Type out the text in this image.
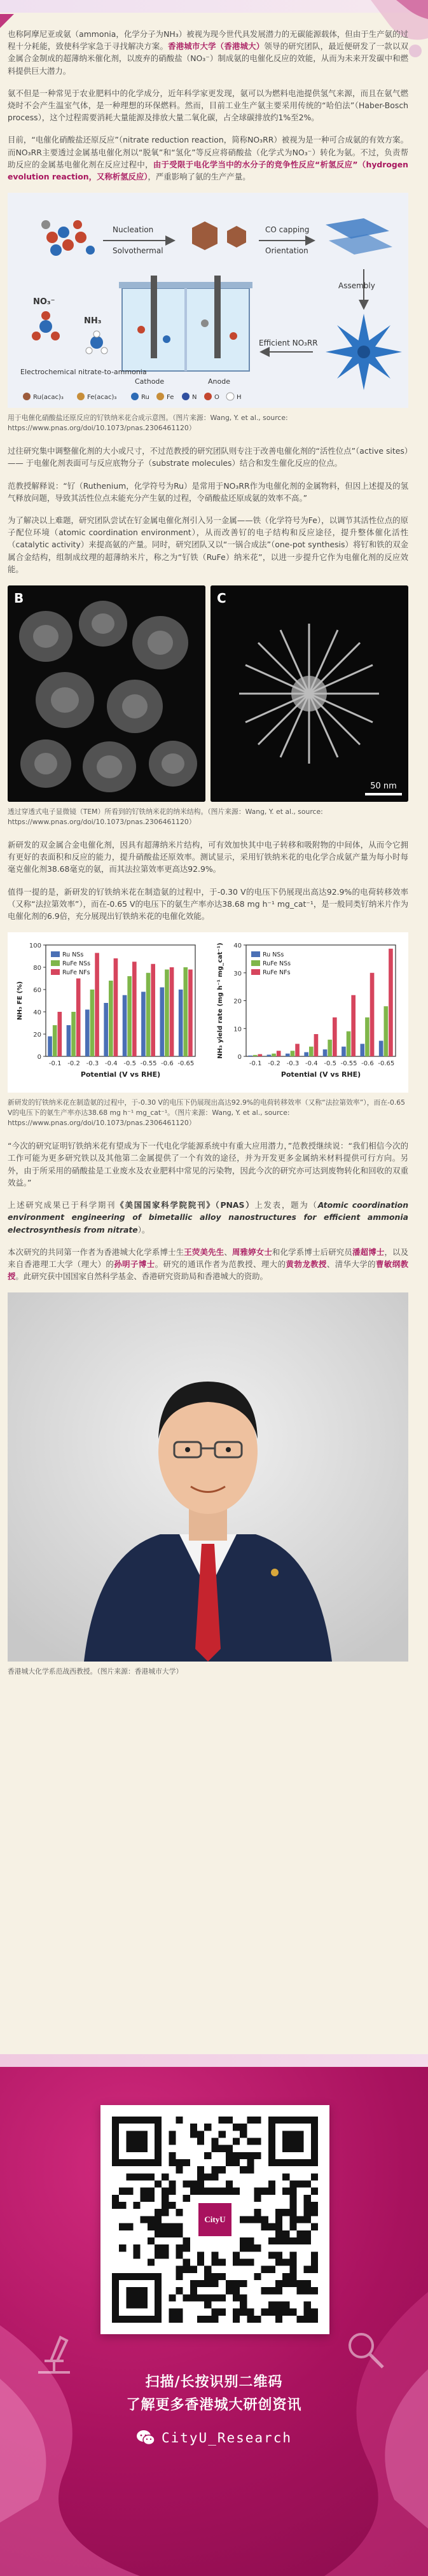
也称阿摩尼亚或氨（ammonia，化学分子为NH₃）被视为现今世代具发展潜力的无碳能源载体，但由于生产氨的过程十分耗能，致使科学家急于寻找解决方案。香港城市大学（香港城大）领导的研究团队，最近便研发了一款以双金属合金制成的超薄纳米催化剂，以废弃的硝酸盐（NO₃⁻）制成氨的电催化反应的效能，从而为未来开发碳中和燃料提供巨大潜力。

氨不但是一种常见于农业肥料中的化学成分，近年科学家更发现，氨可以为燃料电池提供氢气来源，而且在氨气燃烧时不会产生温室气体，是一种理想的环保燃料。然而，目前工业生产氨主要采用传统的“哈伯法”（Haber-Bosch process），这个过程需要消耗大量能源及排放大量二氧化碳，占全球碳排放约1%至2%。

目前，“电催化硝酸盐还原反应”（nitrate reduction reaction，简称NO₃RR）被视为是一种可合成氨的有效方案。而NO₃RR主要透过金属基电催化剂以“脱氧”和“氢化”等反应将硝酸盐（化学式为NO₃⁻）转化为氨。不过，负责帮助反应的金属基电催化剂在反应过程中，由于受限于电化学当中的水分子的竞争性反应“析氢反应”（hydrogen evolution reaction，又称析氢反应），严重影响了氨的生产产量。

Nucleation
Solvothermal
CO capping
Orientation
Assembly
Efficient NO₃RR
Cathode	Anode
NO₃⁻
NH₃
Electrochemical nitrate-to-ammonia
Ru(acac)₃	Fe(acac)₃	Ru	Fe	N	O	H

用于电催化硝酸盐还原反应的钌铁纳米花合成示意图。（图片来源：Wang, Y. et al., source: https://www.pnas.org/doi/10.1073/pnas.2306461120）

过往研究集中调整催化剂的大小或尺寸，不过范教授的研究团队则专注于改善电催化剂的“活性位点”（active sites）—— 于电催化剂表面可与反应底物分子（substrate molecules）结合和发生催化反应的位点。

范教授解释说：“钌（Ruthenium，化学符号为Ru）是常用于NO₃RR作为电催化剂的金属物料，但因上述提及的氢气释放问题，导致其活性位点未能充分产生氨的过程，令硝酸盐还原成氨的效率不高。”

为了解决以上难题，研究团队尝试在钌金属电催化剂引入另一金属——铁（化学符号为Fe），以调节其活性位点的原子配位环境（atomic coordination environment），从而改善钌的电子结构和反应途径，提升整体催化活性（catalytic activity）来提高氨的产量。同时，研究团队又以“一锅合成法”（one-pot synthesis）将钌和铁的双金属合金结构，组制成纹理的超薄纳米片，称之为“钌铁（RuFe）纳米花”，以进一步提升它作为电催化剂的反应效能。

B	C
50 nm

透过穿透式电子显微镜（TEM）所看到的钌铁纳米花的纳米结构。（图片来源：Wang, Y. et al., source: https://www.pnas.org/doi/10.1073/pnas.2306461120）

新研发的双金属合金电催化剂，因具有超薄纳米片结构，可有效加快其中电子转移和吸附物的中间体，从而令它拥有更好的表面积和反应的能力，提升硝酸盐还原效率。测试显示，采用钌铁纳米花的电化学合成氨产量为每小时每毫克催化剂38.68毫克的氨，而其法拉第效率更高达92.9%。

值得一提的是，新研发的钌铁纳米花在制造氨的过程中，于-0.30 V的电压下仍展现出高达92.9%的电荷转移效率（又称“法拉第效率”），而在-0.65 V的电压下的氨生产率亦达38.68 mg h⁻¹ mg_cat⁻¹，是一般同类钌纳米片作为电催化剂的6.9倍，充分展现出钌铁纳米花的电催化效能。

0
20
40
60
80
100
-0.1 -0.2 -0.3 -0.4 -0.5 -0.55 -0.6 -0.65
Potential (V vs RHE)
NH₃ FE (%)
Ru NSs
RuFe NSs
RuFe NFs
0
10
20
30
40
-0.1 -0.2 -0.3 -0.4 -0.5 -0.55 -0.6 -0.65
Potential (V vs RHE)
NH₃ yield rate (mg h⁻¹ mg_cat⁻¹)	Ru NSs
RuFe NSs
RuFe NFs

新研发的钌铁纳米花在制造氨的过程中，于-0.30 V的电压下仍展现出高达92.9%的电荷转移效率（又称“法拉第效率”），而在-0.65 V的电压下的氨生产率亦达38.68 mg h⁻¹ mg_cat⁻¹。（图片来源：Wang, Y. et al., source: https://www.pnas.org/doi/10.1073/pnas.2306461120）

“今次的研究证明钌铁纳米花有望成为下一代电化学能源系统中有重大应用潜力，”范教授继续说：“我们相信今次的工作可能为更多研究铁以及其他第二金属提供了一个有效的途径，并为开发更多金属纳米材料提供可行方向。另外，由于所采用的硝酸盐是工业废水及农业肥料中常见的污染物，因此今次的研究亦可达到废物转化和回收的双重效益。”

上述研究成果已于科学期刊《美国国家科学院院刊》（PNAS）上发表，题为（Atomic coordination environment engineering of bimetallic alloy nanostructures for efficient ammonia electrosynthesis from nitrate）。

本次研究的共同第一作者为香港城大化学系博士生王荧美先生、周雅婷女士和化学系博士后研究员潘超博士，以及来自香港理工大学（理大）的孙明子博士。研究的通讯作者为范教授、理大的黄勃龙教授、清华大学的曹敏纲教授。此研究获中国国家自然科学基金、香港研究资助局和香港城大的资助。

香港城大化学系范战西教授。（图片来源：香港城市大学）

CityU
扫描/长按识别二维码
了解更多香港城大研创资讯
CityU_Research
